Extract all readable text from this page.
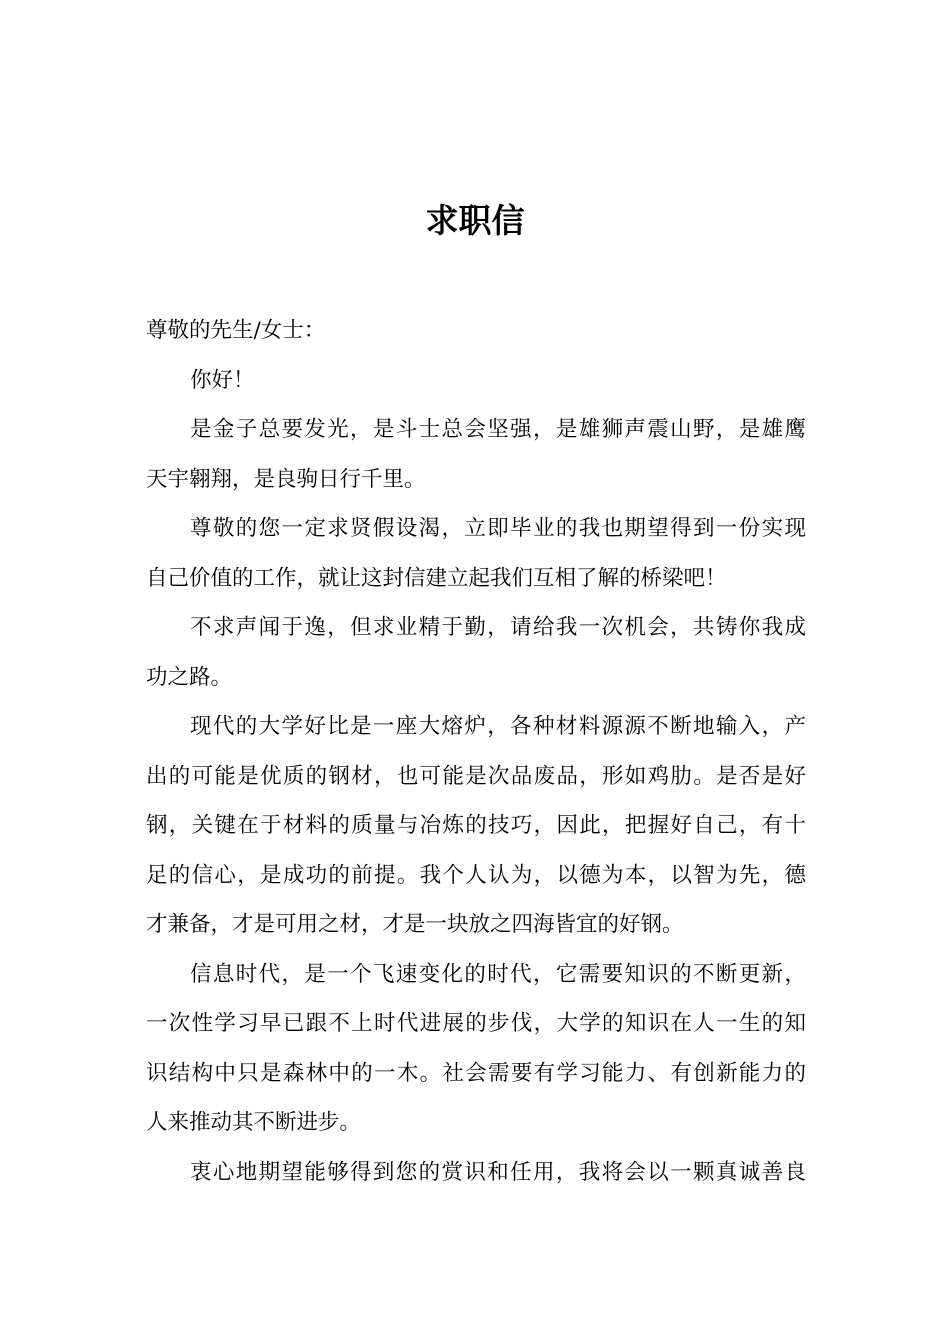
求职信
尊敬的先生/女士：
你好！
是金子总要发光，是斗士总会坚强，是雄狮声震山野，是雄鹰
天宇翱翔，是良驹日行千里。
尊敬的您一定求贤假设渴，立即毕业的我也期望得到一份实现
自己价值的工作，就让这封信建立起我们互相了解的桥梁吧！
不求声闻于逸，但求业精于勤，请给我一次机会，共铸你我成
功之路。
现代的大学好比是一座大熔炉，各种材料源源不断地输入，产
出的可能是优质的钢材，也可能是次品废品，形如鸡肋。是否是好
钢，关键在于材料的质量与冶炼的技巧，因此，把握好自己，有十
足的信心，是成功的前提。我个人认为，以德为本，以智为先，德
才兼备，才是可用之材，才是一块放之四海皆宜的好钢。
信息时代，是一个飞速变化的时代，它需要知识的不断更新，
一次性学习早已跟不上时代进展的步伐，大学的知识在人一生的知
识结构中只是森林中的一木。社会需要有学习能力、有创新能力的
人来推动其不断进步。
衷心地期望能够得到您的赏识和任用，我将会以一颗真诚善良
